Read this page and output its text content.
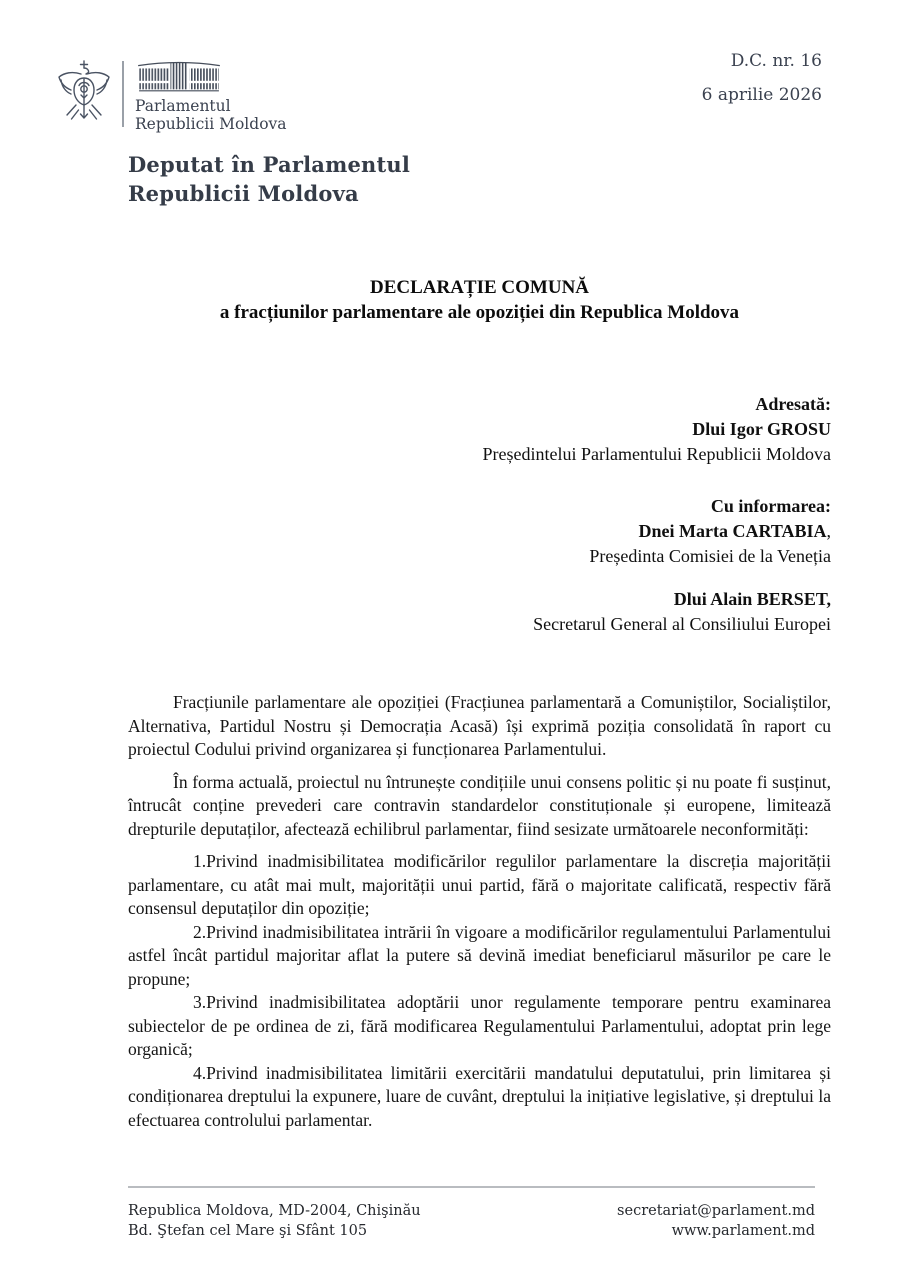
Parlamentul
Republicii Moldova
D.C. nr. 16
6 aprilie 2026
Deputat în Parlamentul
Republicii Moldova
DECLARAȚIE COMUNĂ
a fracțiunilor parlamentare ale opoziției din Republica Moldova
Adresată:
Dlui Igor GROSU
Președintelui Parlamentului Republicii Moldova
Cu informarea:
Dnei Marta CARTABIA,
Președinta Comisiei de la Veneția
Dlui Alain BERSET,
Secretarul General al Consiliului Europei

Fracțiunile parlamentare ale opoziției (Fracțiunea parlamentară a Comuniștilor, Socialiștilor, Alternativa, Partidul Nostru și Democrația Acasă) își exprimă poziția consolidată în raport cu proiectul Codului privind organizarea și funcționarea Parlamentului.

În forma actuală, proiectul nu întrunește condițiile unui consens politic și nu poate fi susținut, întrucât conține prevederi care contravin standardelor constituționale și europene, limitează drepturile deputaților, afectează echilibrul parlamentar, fiind sesizate următoarele neconformități:

1.Privind inadmisibilitatea modificărilor regulilor parlamentare la discreția majorității parlamentare, cu atât mai mult, majorității unui partid, fără o majoritate calificată, respectiv fără consensul deputaților din opoziție;

2.Privind inadmisibilitatea intrării în vigoare a modificărilor regulamentului Parlamentului astfel încât partidul majoritar aflat la putere să devină imediat beneficiarul măsurilor pe care le propune;

3.Privind inadmisibilitatea adoptării unor regulamente temporare pentru examinarea subiectelor de pe ordinea de zi, fără modificarea Regulamentului Parlamentului, adoptat prin lege organică;

4.Privind inadmisibilitatea limitării exercitării mandatului deputatului, prin limitarea și condiționarea dreptului la expunere, luare de cuvânt, dreptului la inițiative legislative, și dreptului la efectuarea controlului parlamentar.

Republica Moldova, MD-2004, Chişinău
Bd. Ştefan cel Mare şi Sfânt 105
secretariat@parlament.md
www.parlament.md
